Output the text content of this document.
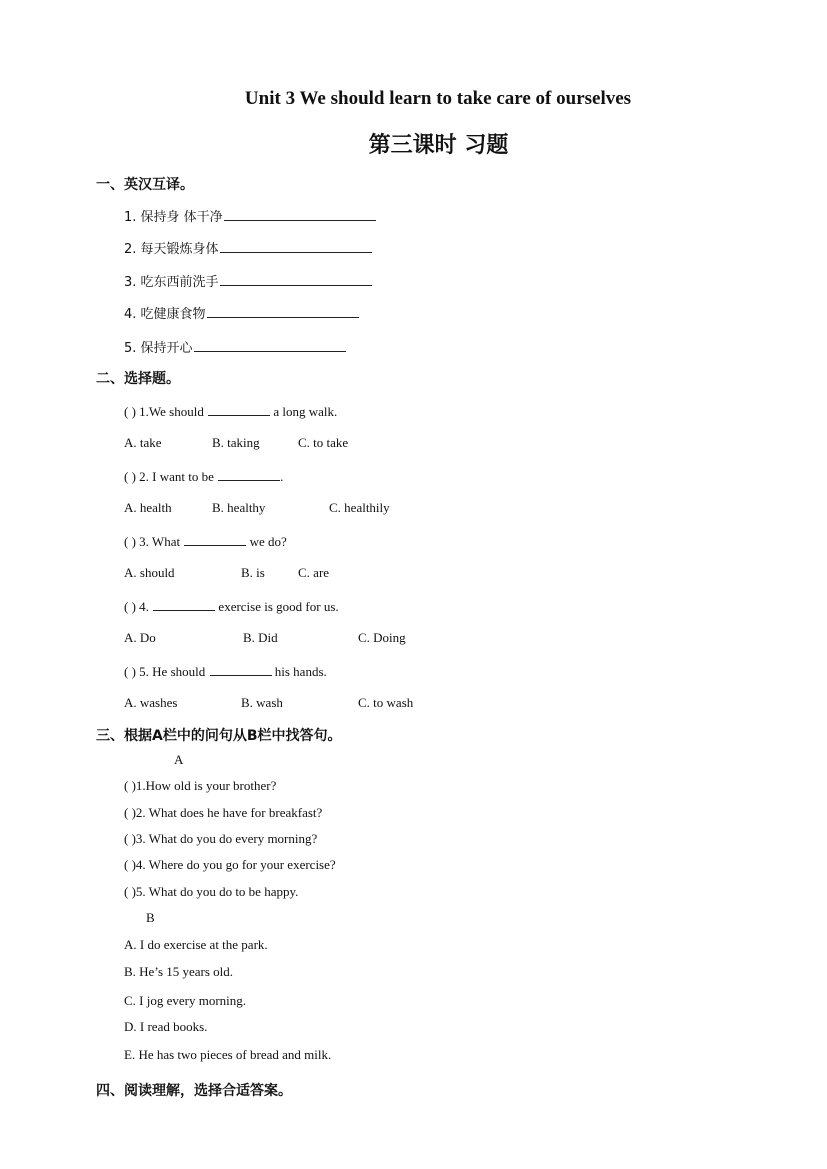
Unit 3 We should learn to take care of ourselves
第三课时 习题
一、英汉互译。
1. 保持身 体干净
2. 每天锻炼身体
3. 吃东西前洗手
4. 吃健康食物
5. 保持开心
二、选择题。
( ) 1.We should	a long walk.
A. take	B. taking	C. to take
( ) 2. I want to be	.
A. health	B. healthy	C. healthily
( ) 3. What	we do?
A. should	B. is	C. are
( ) 4.	exercise is good for us.
A. Do	B. Did	C. Doing
( ) 5. He should	his hands.
A. washes	B. wash	C. to wash
三、根据A栏中的问句从B栏中找答句。
A
( )1.How old is your brother?
( )2. What does he have for breakfast?
( )3. What do you do every morning?
( )4. Where do you go for your exercise?
( )5. What do you do to be happy.
B
A. I do exercise at the park.
B. He’s 15 years old.
C. I jog every morning.
D. I read books.
E. He has two pieces of bread and milk.
四、阅读理解，选择合适答案。
